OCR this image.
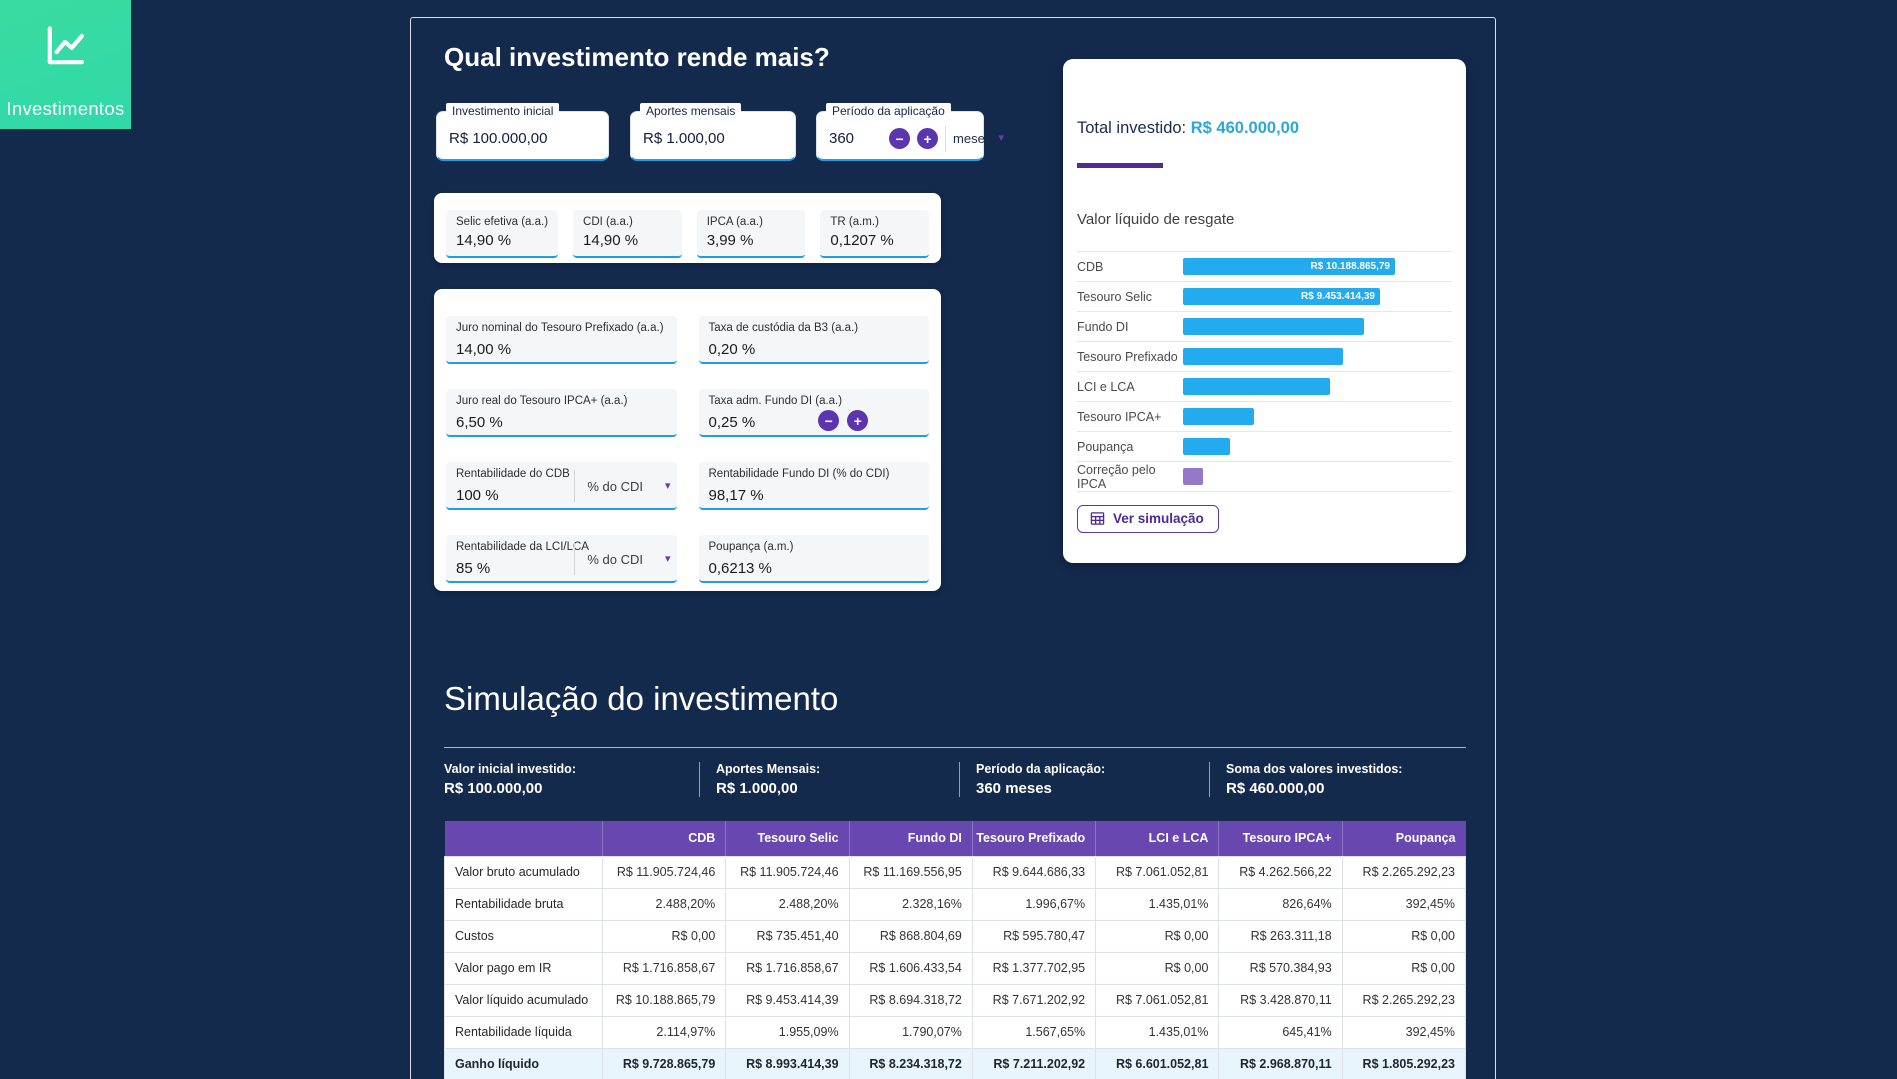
Investimentos
Qual investimento rende mais?
Investimento inicial
R$ 100.000,00
Aportes mensais
R$ 1.000,00
Período da aplicação
360	−	+	meses ▾
Selic efetiva (a.a.)
14,90 %
CDI (a.a.)
14,90 %
IPCA (a.a.)
3,99 %
TR (a.m.)
0,1207 %
Juro nominal do Tesouro Prefixado (a.a.)
14,00 %
Taxa de custódia da B3 (a.a.)
0,20 %
Juro real do Tesouro IPCA+ (a.a.)
6,50 %
Taxa adm. Fundo DI (a.a.)
0,25 %	−	+
Rentabilidade do CDB
100 %
% do CDI ▾
Rentabilidade Fundo DI (% do CDI)
98,17 %
Rentabilidade da LCI/LCA
85 %
% do CDI ▾
Poupança (a.m.)
0,6213 %
Total investido: R$ 460.000,00
Valor líquido de resgate
CDB	R$ 10.188.865,79
Tesouro Selic	R$ 9.453.414,39
Fundo DI
Tesouro Prefixado
LCI e LCA
Tesouro IPCA+
Poupança
Correção pelo IPCA
Ver simulação
Simulação do investimento
Valor inicial investido:
R$ 100.000,00
Aportes Mensais:
R$ 1.000,00
Período da aplicação:
360 meses
Soma dos valores investidos:
R$ 460.000,00
	CDB	Tesouro Selic	Fundo DI	Tesouro Prefixado	LCI e LCA	Tesouro IPCA+	Poupança
Valor bruto acumulado	R$ 11.905.724,46	R$ 11.905.724,46	R$ 11.169.556,95	R$ 9.644.686,33	R$ 7.061.052,81	R$ 4.262.566,22	R$ 2.265.292,23
Rentabilidade bruta	2.488,20%	2.488,20%	2.328,16%	1.996,67%	1.435,01%	826,64%	392,45%
Custos	R$ 0,00	R$ 735.451,40	R$ 868.804,69	R$ 595.780,47	R$ 0,00	R$ 263.311,18	R$ 0,00
Valor pago em IR	R$ 1.716.858,67	R$ 1.716.858,67	R$ 1.606.433,54	R$ 1.377.702,95	R$ 0,00	R$ 570.384,93	R$ 0,00
Valor líquido acumulado	R$ 10.188.865,79	R$ 9.453.414,39	R$ 8.694.318,72	R$ 7.671.202,92	R$ 7.061.052,81	R$ 3.428.870,11	R$ 2.265.292,23
Rentabilidade líquida	2.114,97%	1.955,09%	1.790,07%	1.567,65%	1.435,01%	645,41%	392,45%
Ganho líquido	R$ 9.728.865,79	R$ 8.993.414,39	R$ 8.234.318,72	R$ 7.211.202,92	R$ 6.601.052,81	R$ 2.968.870,11	R$ 1.805.292,23
